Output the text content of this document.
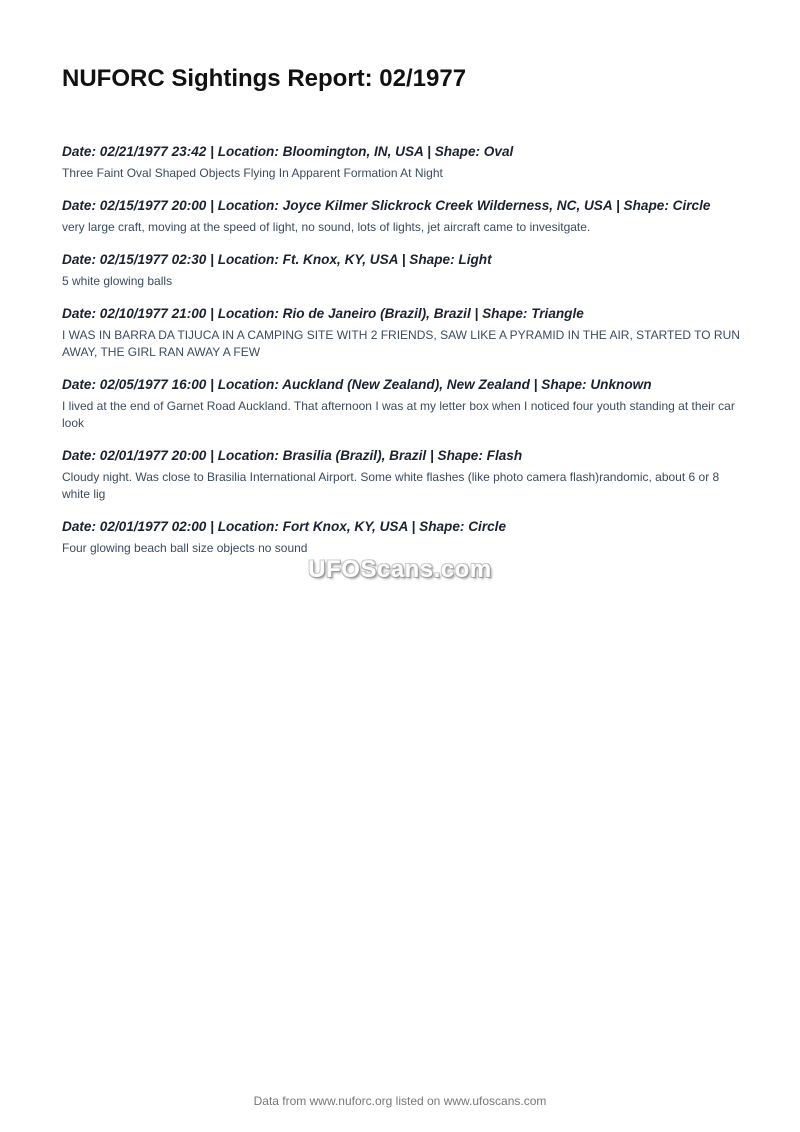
NUFORC Sightings Report: 02/1977
Date: 02/21/1977 23:42 | Location: Bloomington, IN, USA | Shape: Oval

Three Faint Oval Shaped Objects Flying In Apparent Formation At Night

Date: 02/15/1977 20:00 | Location: Joyce Kilmer Slickrock Creek Wilderness, NC, USA | Shape: Circle

very large craft, moving at the speed of light, no sound, lots of lights, jet aircraft came to invesitgate.

Date: 02/15/1977 02:30 | Location: Ft. Knox, KY, USA | Shape: Light

5 white glowing balls

Date: 02/10/1977 21:00 | Location: Rio de Janeiro (Brazil), Brazil | Shape: Triangle

I WAS IN BARRA DA TIJUCA IN A CAMPING SITE WITH 2 FRIENDS, SAW LIKE A PYRAMID IN THE AIR, STARTED TO RUN AWAY, THE GIRL RAN AWAY A FEW

Date: 02/05/1977 16:00 | Location: Auckland (New Zealand), New Zealand | Shape: Unknown

I lived at the end of Garnet Road Auckland. That afternoon I was at my letter box when I noticed four youth standing at their car look

Date: 02/01/1977 20:00 | Location: Brasilia (Brazil), Brazil | Shape: Flash

Cloudy night. Was close to Brasilia International Airport. Some white flashes (like photo camera flash)randomic, about 6 or 8 white lig

Date: 02/01/1977 02:00 | Location: Fort Knox, KY, USA | Shape: Circle

Four glowing beach ball size objects no sound

UFOScans.com
Data from www.nuforc.org listed on www.ufoscans.com
